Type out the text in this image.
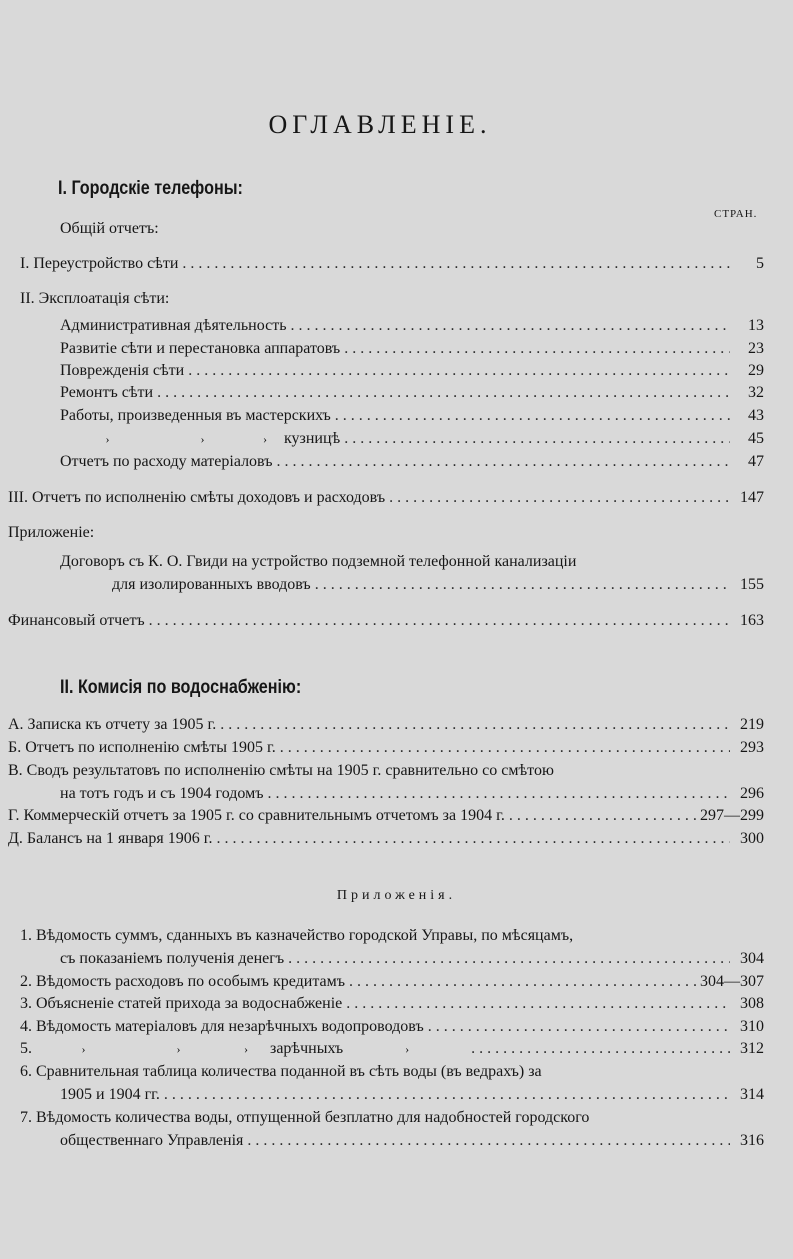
ОГЛАВЛЕНІЕ.
I. Городскіе телефоны:
СТРАН.
Общій отчетъ:
I. Переустройство сѣти . . .	5
II. Эксплоатація сѣти:
Административная дѣятельность . . .	13
Развитіе сѣти и перестановка аппаратовъ . . .	23
Поврежденія сѣти . . .	29
Ремонтъ сѣти . . .	32
Работы, произведенныя въ мастерскихъ . . .	43
›	›	› кузницѣ . . .	45
Отчетъ по расходу матеріаловъ . . .	47
III. Отчетъ по исполненію смѣты доходовъ и расходовъ . . .	147
Приложеніе:
Договоръ съ К. О. Гвиди на устройство подземной телефонной канализаціи
для изолированныхъ вводовъ . . .	155
Финансовый отчетъ . . .	163
II. Комисія по водоснабженію:
А. Записка къ отчету за 1905 г. . . .	219
Б. Отчетъ по исполненію смѣты 1905 г. . . .	293
В. Сводъ результатовъ по исполненію смѣты на 1905 г. сравнительно со смѣтою
на тотъ годъ и съ 1904 годомъ . . .	296
Г. Коммерческій отчетъ за 1905 г. со сравнительнымъ отчетомъ за 1904 г. . . .	297—299
Д. Балансъ на 1 января 1906 г. . . .	300
Приложенія.
1. Вѣдомость суммъ, сданныхъ въ казначейство городской Управы, по мѣсяцамъ,
съ показаніемъ полученія денегъ . . .	304
2. Вѣдомость расходовъ по особымъ кредитамъ . . .	304—307
3. Объясненіе статей прихода за водоснабженіе . . .	308
4. Вѣдомость матеріаловъ для незарѣчныхъ водопроводовъ . . .	310
5.	›	›	› зарѣчныхъ	› . . .	312
6. Сравнительная таблица количества поданной въ сѣть воды (въ ведрахъ) за
1905 и 1904 гг. . . .	314
7. Вѣдомость количества воды, отпущенной безплатно для надобностей городского
общественнаго Управленія . . .	316
